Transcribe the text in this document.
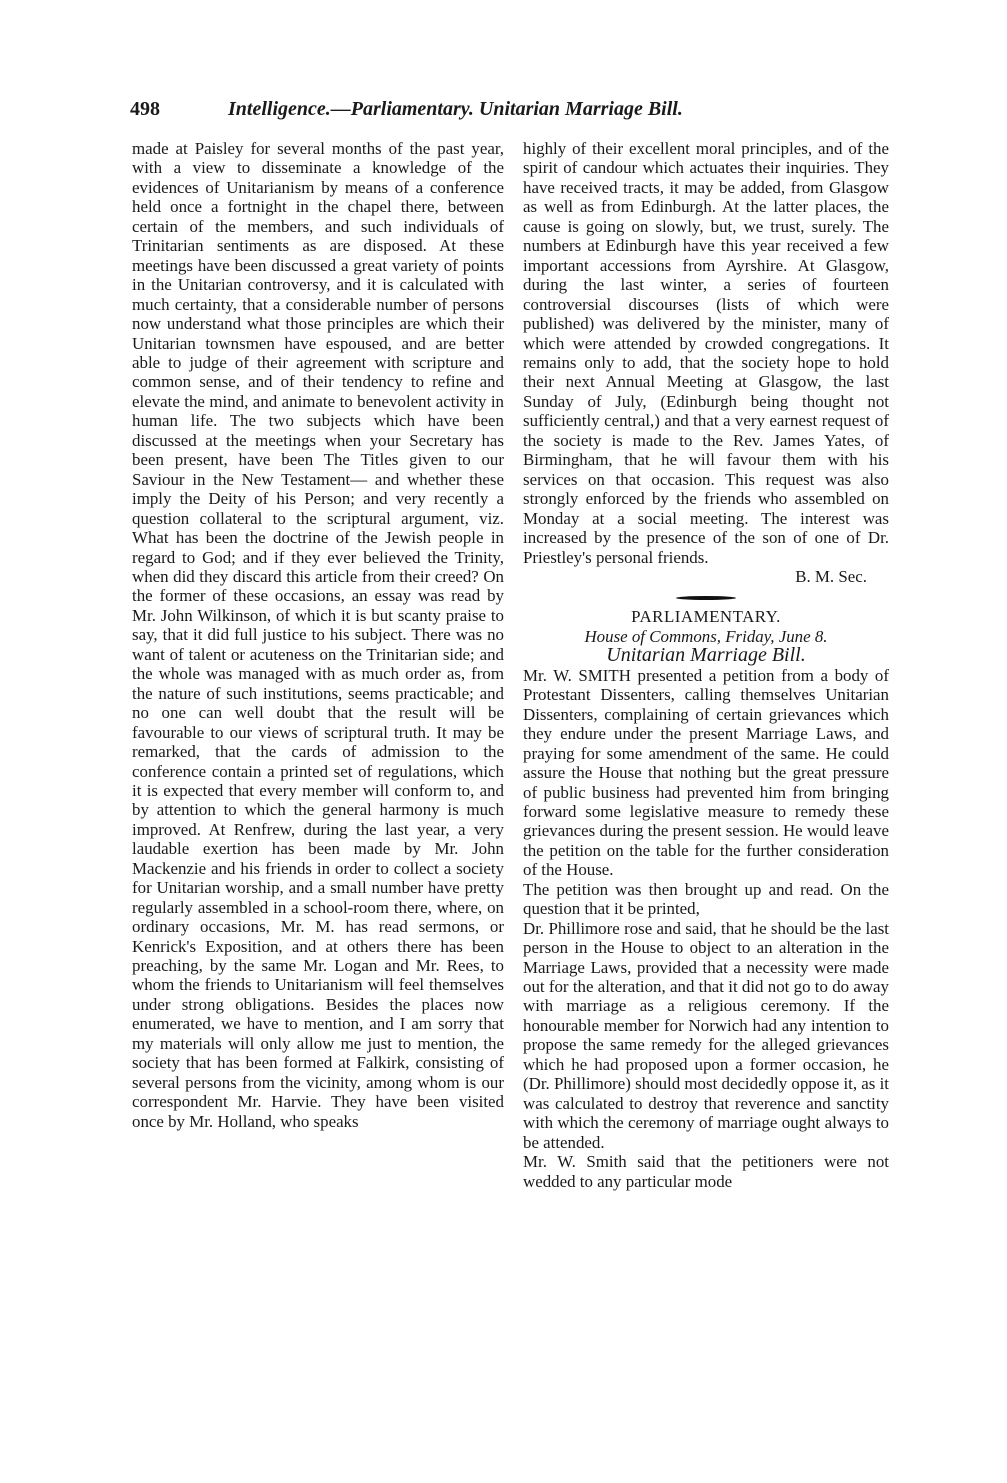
498	Intelligence.—Parliamentary. Unitarian Marriage Bill.

made at Paisley for several months of the past year, with a view to disseminate a knowledge of the evidences of Unitarianism by means of a conference held once a fortnight in the chapel there, between certain of the members, and such individuals of Trinitarian sentiments as are disposed. At these meetings have been discussed a great variety of points in the Unitarian controversy, and it is calculated with much certainty, that a considerable number of persons now understand what those principles are which their Unitarian townsmen have espoused, and are better able to judge of their agreement with scripture and common sense, and of their tendency to refine and elevate the mind, and animate to benevolent activity in human life. The two subjects which have been discussed at the meetings when your Secretary has been present, have been The Titles given to our Saviour in the New Testament— and whether these imply the Deity of his Person; and very recently a question collateral to the scriptural argument, viz. What has been the doctrine of the Jewish people in regard to God; and if they ever believed the Trinity, when did they discard this article from their creed? On the former of these occasions, an essay was read by Mr. John Wilkinson, of which it is but scanty praise to say, that it did full justice to his subject. There was no want of talent or acuteness on the Trinitarian side; and the whole was managed with as much order as, from the nature of such institutions, seems practicable; and no one can well doubt that the result will be favourable to our views of scriptural truth. It may be remarked, that the cards of admission to the conference contain a printed set of regulations, which it is expected that every member will conform to, and by attention to which the general harmony is much improved. At Renfrew, during the last year, a very laudable exertion has been made by Mr. John Mackenzie and his friends in order to collect a society for Unitarian worship, and a small number have pretty regularly assembled in a school-room there, where, on ordinary occasions, Mr. M. has read sermons, or Kenrick's Exposition, and at others there has been preaching, by the same Mr. Logan and Mr. Rees, to whom the friends to Unitarianism will feel themselves under strong obligations. Besides the places now enumerated, we have to mention, and I am sorry that my materials will only allow me just to mention, the society that has been formed at Falkirk, consisting of several persons from the vicinity, among whom is our correspondent Mr. Harvie. They have been visited once by Mr. Holland, who speaks

highly of their excellent moral principles, and of the spirit of candour which actuates their inquiries. They have received tracts, it may be added, from Glasgow as well as from Edinburgh. At the latter places, the cause is going on slowly, but, we trust, surely. The numbers at Edinburgh have this year received a few important accessions from Ayrshire. At Glasgow, during the last winter, a series of fourteen controversial discourses (lists of which were published) was delivered by the minister, many of which were attended by crowded congregations. It remains only to add, that the society hope to hold their next Annual Meeting at Glasgow, the last Sunday of July, (Edinburgh being thought not sufficiently central,) and that a very earnest request of the society is made to the Rev. James Yates, of Birmingham, that he will favour them with his services on that occasion. This request was also strongly enforced by the friends who assembled on Monday at a social meeting. The interest was increased by the presence of the son of one of Dr. Priestley's personal friends.

B. M. Sec.

PARLIAMENTARY.

House of Commons, Friday, June 8.

Unitarian Marriage Bill.

Mr. W. SMITH presented a petition from a body of Protestant Dissenters, calling themselves Unitarian Dissenters, complaining of certain grievances which they endure under the present Marriage Laws, and praying for some amendment of the same. He could assure the House that nothing but the great pressure of public business had prevented him from bringing forward some legislative measure to remedy these grievances during the present session. He would leave the petition on the table for the further consideration of the House.

The petition was then brought up and read. On the question that it be printed,

Dr. Phillimore rose and said, that he should be the last person in the House to object to an alteration in the Marriage Laws, provided that a necessity were made out for the alteration, and that it did not go to do away with marriage as a religious ceremony. If the honourable member for Norwich had any intention to propose the same remedy for the alleged grievances which he had proposed upon a former occasion, he (Dr. Phillimore) should most decidedly oppose it, as it was calculated to destroy that reverence and sanctity with which the ceremony of marriage ought always to be attended.

Mr. W. Smith said that the petitioners were not wedded to any particular mode
